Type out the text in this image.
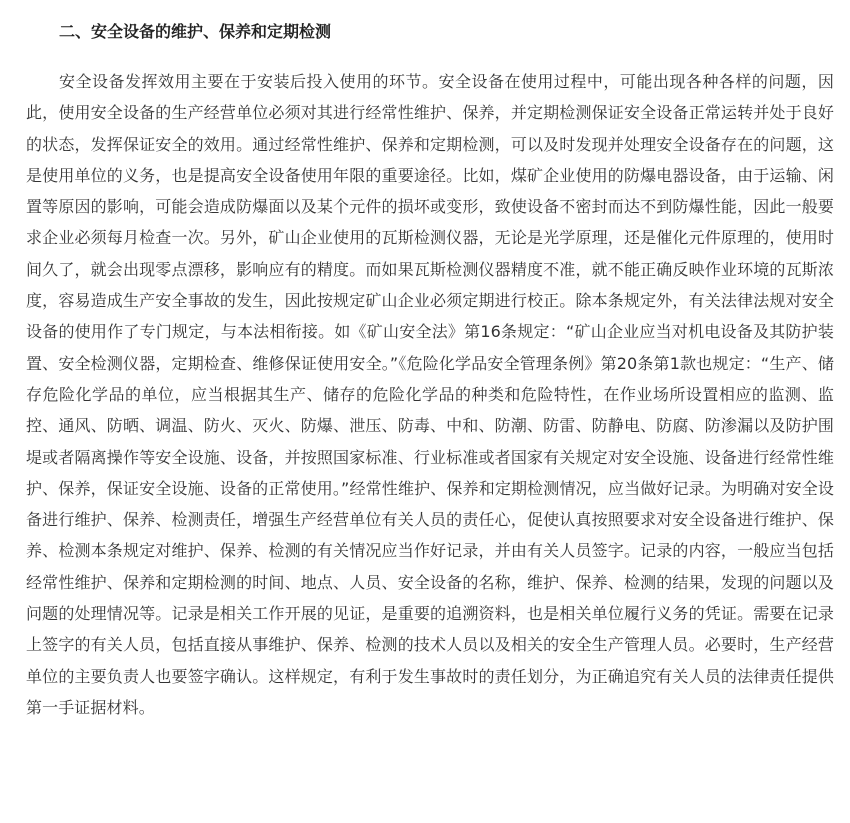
二、安全设备的维护、保养和定期检测

安全设备发挥效用主要在于安装后投入使用的环节。安全设备在使用过程中，可能出现各种各样的问题，因此，使用安全设备的生产经营单位必须对其进行经常性维护、保养，并定期检测保证安全设备正常运转并处于良好的状态，发挥保证安全的效用。通过经常性维护、保养和定期检测，可以及时发现并处理安全设备存在的问题，这是使用单位的义务，也是提高安全设备使用年限的重要途径。比如，煤矿企业使用的防爆电器设备，由于运输、闲置等原因的影响，可能会造成防爆面以及某个元件的损坏或变形，致使设备不密封而达不到防爆性能，因此一般要求企业必须每月检查一次。另外，矿山企业使用的瓦斯检测仪器，无论是光学原理，还是催化元件原理的，使用时间久了，就会出现零点漂移，影响应有的精度。而如果瓦斯检测仪器精度不准，就不能正确反映作业环境的瓦斯浓度，容易造成生产安全事故的发生，因此按规定矿山企业必须定期进行校正。除本条规定外，有关法律法规对安全设备的使用作了专门规定，与本法相衔接。如《矿山安全法》第16条规定：“矿山企业应当对机电设备及其防护装置、安全检测仪器，定期检查、维修保证使用安全。”《危险化学品安全管理条例》第20条第1款也规定：“生产、储存危险化学品的单位，应当根据其生产、储存的危险化学品的种类和危险特性，在作业场所设置相应的监测、监控、通风、防晒、调温、防火、灭火、防爆、泄压、防毒、中和、防潮、防雷、防静电、防腐、防渗漏以及防护围堤或者隔离操作等安全设施、设备，并按照国家标准、行业标准或者国家有关规定对安全设施、设备进行经常性维护、保养，保证安全设施、设备的正常使用。”经常性维护、保养和定期检测情况，应当做好记录。为明确对安全设备进行维护、保养、检测责任，增强生产经营单位有关人员的责任心，促使认真按照要求对安全设备进行维护、保养、检测本条规定对维护、保养、检测的有关情况应当作好记录，并由有关人员签字。记录的内容，一般应当包括经常性维护、保养和定期检测的时间、地点、人员、安全设备的名称，维护、保养、检测的结果，发现的问题以及问题的处理情况等。记录是相关工作开展的见证，是重要的追溯资料，也是相关单位履行义务的凭证。需要在记录上签字的有关人员，包括直接从事维护、保养、检测的技术人员以及相关的安全生产管理人员。必要时，生产经营单位的主要负责人也要签字确认。这样规定，有利于发生事故时的责任划分，为正确追究有关人员的法律责任提供第一手证据材料。
